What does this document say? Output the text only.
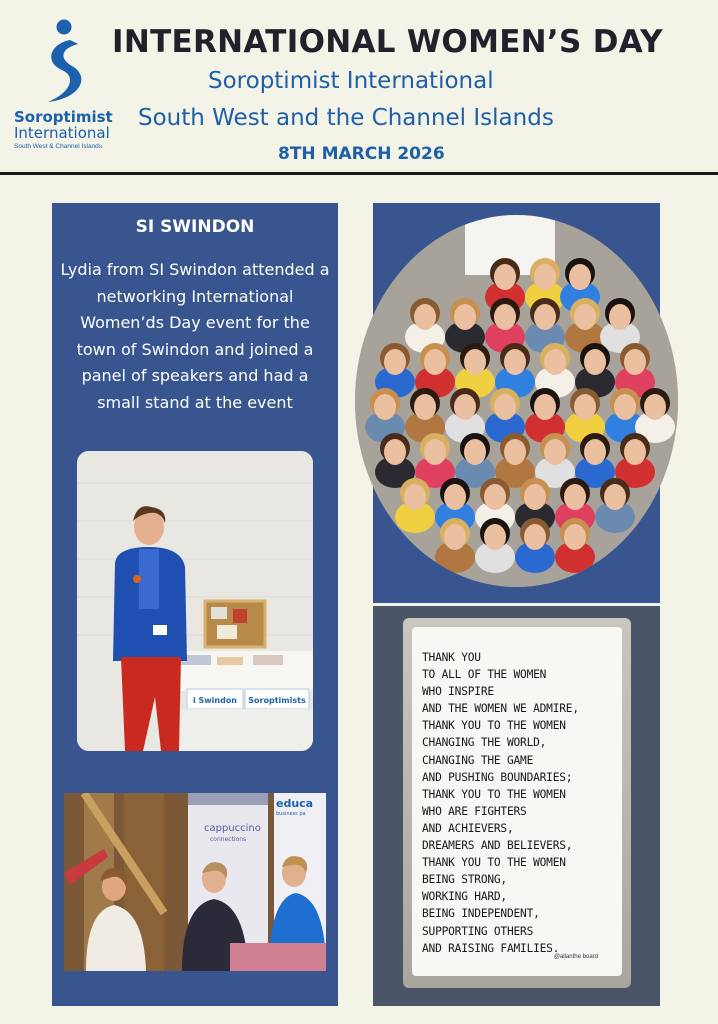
Soroptimist
International
South West & Channel Islands
INTERNATIONAL WOMEN’S DAY
Soroptimist International
South West and the Channel Islands
8TH MARCH 2026
SI SWINDON
Lydia from SI Swindon attended a networking International Women’ds Day event for the town of Swindon and joined a panel of speakers and had a small stand at the event
i Swindon Soroptimists
cappuccino
connections
educa
business pa
THANK YOU
TO ALL OF THE WOMEN
WHO INSPIRE
AND THE WOMEN WE ADMIRE,
THANK YOU TO THE WOMEN
CHANGING THE WORLD,
CHANGING THE GAME
AND PUSHING BOUNDARIES;
THANK YOU TO THE WOMEN
WHO ARE FIGHTERS
AND ACHIEVERS,
DREAMERS AND BELIEVERS,
THANK YOU TO THE WOMEN
BEING STRONG,
WORKING HARD,
BEING INDEPENDENT,
SUPPORTING OTHERS
AND RAISING FAMILIES.
@allanthe board
